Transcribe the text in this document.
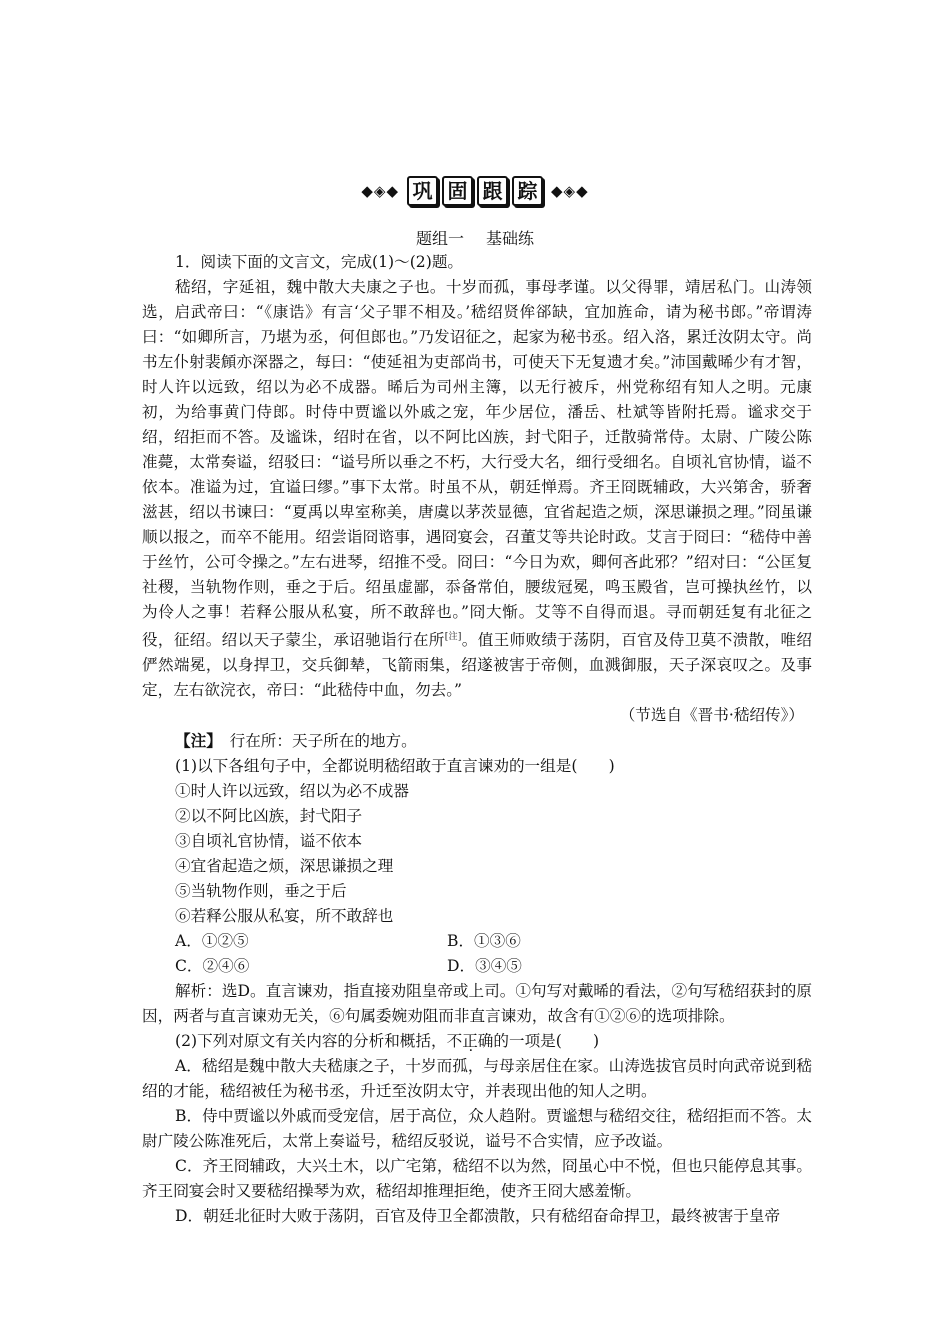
◆◈◆ 巩 固 跟 踪 ◆◈◆
题组一 基础练

1．阅读下面的文言文，完成(1)～(2)题。

嵇绍，字延祖，魏中散大夫康之子也。十岁而孤，事母孝谨。以父得罪，靖居私门。山涛领选，启武帝曰：“《康诰》有言‘父子罪不相及。’嵇绍贤侔郤缺，宜加旌命，请为秘书郎。”帝谓涛曰：“如卿所言，乃堪为丞，何但郎也。”乃发诏征之，起家为秘书丞。绍入洛，累迁汝阴太守。尚书左仆射裴頠亦深器之，每曰：“使延祖为吏部尚书，可使天下无复遗才矣。”沛国戴晞少有才智，时人许以远致，绍以为必不成器。晞后为司州主簿，以无行被斥，州党称绍有知人之明。元康初，为给事黄门侍郎。时侍中贾谧以外戚之宠，年少居位，潘岳、杜斌等皆附托焉。谧求交于绍，绍拒而不答。及谧诛，绍时在省，以不阿比凶族，封弋阳子，迁散骑常侍。太尉、广陵公陈准薨，太常奏谥，绍驳曰：“谥号所以垂之不朽，大行受大名，细行受细名。自顷礼官协情，谥不依本。准谥为过，宜谥曰缪。”事下太常。时虽不从，朝廷惮焉。齐王冏既辅政，大兴第舍，骄奢滋甚，绍以书谏曰：“夏禹以卑室称美，唐虞以茅茨显德，宜省起造之烦，深思谦损之理。”冏虽谦顺以报之，而卒不能用。绍尝诣冏谘事，遇冏宴会，召董艾等共论时政。艾言于冏曰：“嵇侍中善于丝竹，公可令操之。”左右进琴，绍推不受。冏曰：“今日为欢，卿何吝此邪？”绍对曰：“公匡复社稷，当轨物作则，垂之于后。绍虽虚鄙，忝备常伯，腰绂冠冕，鸣玉殿省，岂可操执丝竹，以为伶人之事！若释公服从私宴，所不敢辞也。”冏大惭。艾等不自得而退。寻而朝廷复有北征之役，征绍。绍以天子蒙尘，承诏驰诣行在所[注]。值王师败绩于荡阴，百官及侍卫莫不溃散，唯绍俨然端冕，以身捍卫，交兵御辇，飞箭雨集，绍遂被害于帝侧，血溅御服，天子深哀叹之。及事定，左右欲浣衣，帝曰：“此嵇侍中血，勿去。”

（节选自《晋书·嵇绍传》）

【注】　 行在所：天子所在的地方。

(1)以下各组句子中，全都说明嵇绍敢于直言谏劝的一组是(　　)

①时人许以远致，绍以为必不成器

②以不阿比凶族，封弋阳子

③自顷礼官协情，谥不依本

④宜省起造之烦，深思谦损之理

⑤当轨物作则，垂之于后

⑥若释公服从私宴，所不敢辞也

A．①②⑤	B．①③⑥
C．②④⑥	D．③④⑤

解析：选D。直言谏劝，指直接劝阻皇帝或上司。①句写对戴晞的看法，②句写嵇绍获封的原因，两者与直言谏劝无关，⑥句属委婉劝阻而非直言谏劝，故含有①②⑥的选项排除。

(2)下列对原文有关内容的分析和概括，不正确的一项是(　　)

A．嵇绍是魏中散大夫嵇康之子，十岁而孤，与母亲居住在家。山涛选拔官员时向武帝说到嵇绍的才能，嵇绍被任为秘书丞，升迁至汝阴太守，并表现出他的知人之明。

B．侍中贾谧以外戚而受宠信，居于高位，众人趋附。贾谧想与嵇绍交往，嵇绍拒而不答。太尉广陵公陈准死后，太常上奏谥号，嵇绍反驳说，谥号不合实情，应予改谥。

C．齐王冏辅政，大兴土木，以广宅第，嵇绍不以为然，冏虽心中不悦，但也只能停息其事。齐王冏宴会时又要嵇绍操琴为欢，嵇绍却推理拒绝，使齐王冏大感羞惭。

D．朝廷北征时大败于荡阴，百官及侍卫全都溃散，只有嵇绍奋命捍卫，最终被害于皇帝
